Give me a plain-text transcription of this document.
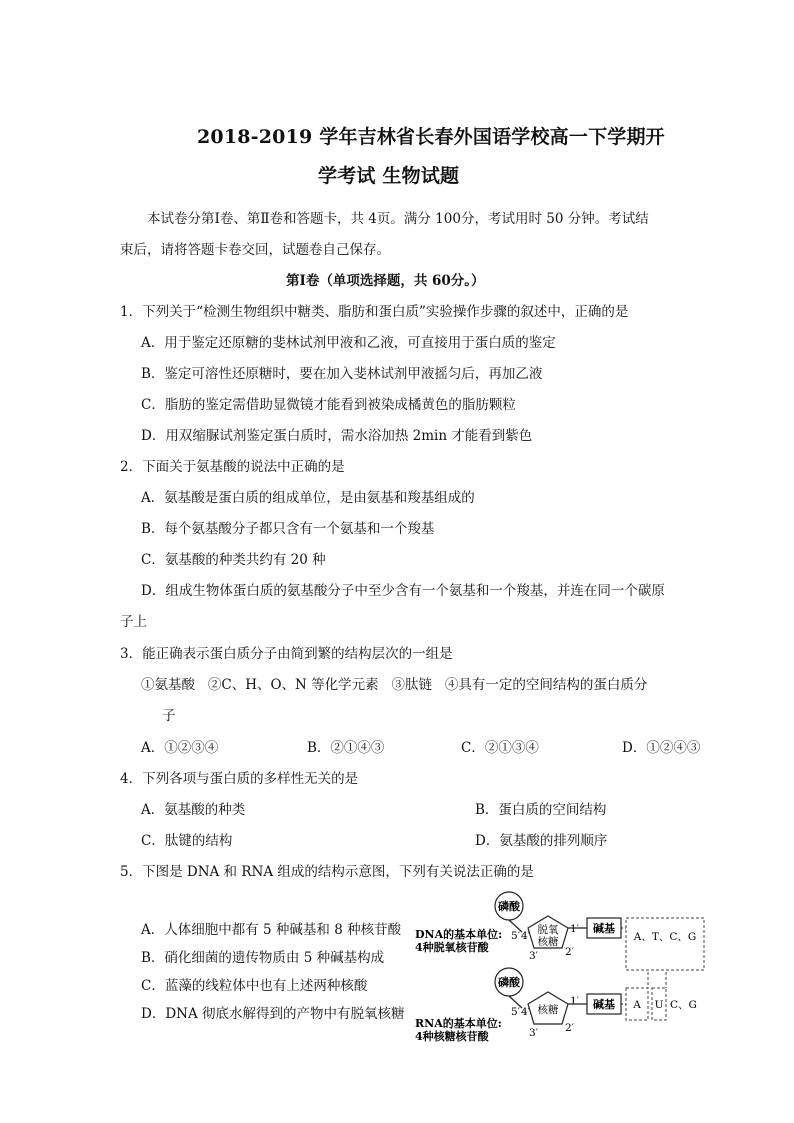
2018-2019 学年吉林省长春外国语学校高一下学期开
学考试 生物试题
本试卷分第Ⅰ卷、第Ⅱ卷和答题卡，共 4页。满分 100分，考试用时 50 分钟。考试结
束后，请将答题卡卷交回，试题卷自己保存。
第Ⅰ卷（单项选择题，共 60分。）
1．下列关于“检测生物组织中糖类、脂肪和蛋白质”实验操作步骤的叙述中，正确的是
A．用于鉴定还原糖的斐林试剂甲液和乙液，可直接用于蛋白质的鉴定
B．鉴定可溶性还原糖时，要在加入斐林试剂甲液摇匀后，再加乙液
C．脂肪的鉴定需借助显微镜才能看到被染成橘黄色的脂肪颗粒
D．用双缩脲试剂鉴定蛋白质时，需水浴加热 2min 才能看到紫色
2．下面关于氨基酸的说法中正确的是
A．氨基酸是蛋白质的组成单位，是由氨基和羧基组成的
B．每个氨基酸分子都只含有一个氨基和一个羧基
C．氨基酸的种类共约有 20 种
D．组成生物体蛋白质的氨基酸分子中至少含有一个氨基和一个羧基，并连在同一个碳原
子上
3．能正确表示蛋白质分子由简到繁的结构层次的一组是
①氨基酸   ②C、H、O、N 等化学元素   ③肽链   ④具有一定的空间结构的蛋白质分
子
A．①②③④	B．②①④③	C．②①③④	D．①②④③
4．下列各项与蛋白质的多样性无关的是
A．氨基酸的种类	B．蛋白质的空间结构
C．肽键的结构	D．氨基酸的排列顺序
5．下图是 DNA 和 RNA 组成的结构示意图，下列有关说法正确的是
A．人体细胞中都有 5 种碱基和 8 种核苷酸
B．硝化细菌的遗传物质由 5 种碱基构成
C．蓝藻的线粒体中也有上述两种核酸
D．DNA 彻底水解得到的产物中有脱氧核糖
DNA的基本单位:
4种脱氧核苷酸
磷酸
脱氧
核糖
5′ 4′
3′	2′
1′ 碱基
A、T、C、G
RNA的基本单位:
4种核糖核苷酸
磷酸
核糖
5′ 4′
3′	2′
1′ 碱基 A U C、G
